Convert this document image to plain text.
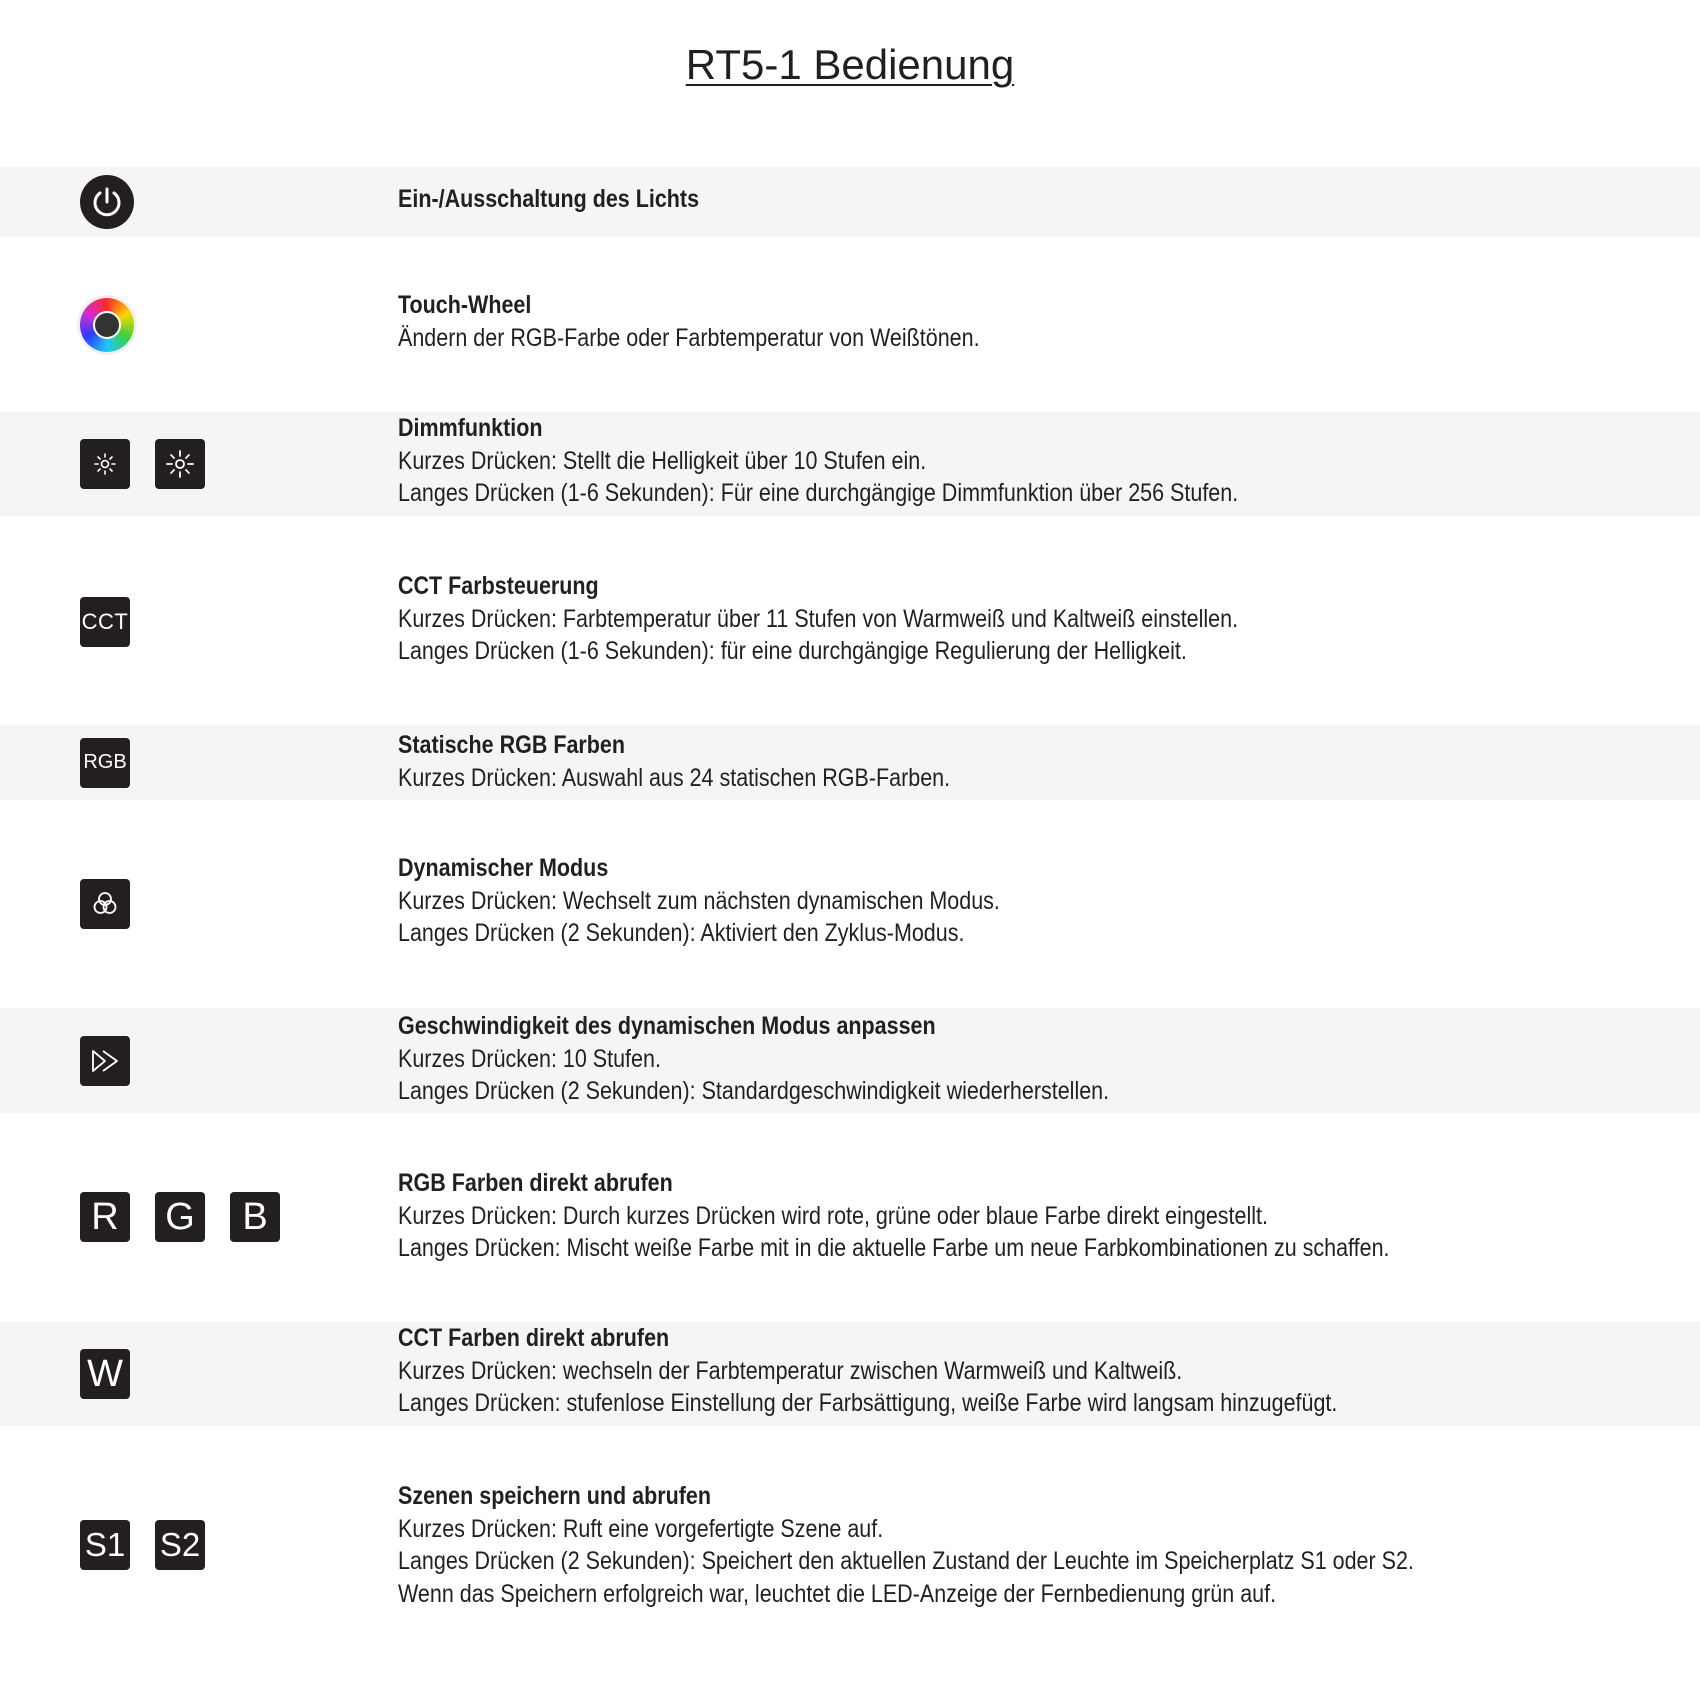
RT5-1 Bedienung
Ein-/Ausschaltung des Lichts
Touch-Wheel
Ändern der RGB-Farbe oder Farbtemperatur von Weißtönen.
Dimmfunktion
Kurzes Drücken: Stellt die Helligkeit über 10 Stufen ein.
Langes Drücken (1-6 Sekunden): Für eine durchgängige Dimmfunktion über 256 Stufen.
CCT
CCT Farbsteuerung
Kurzes Drücken: Farbtemperatur über 11 Stufen von Warmweiß und Kaltweiß einstellen.
Langes Drücken (1-6 Sekunden): für eine durchgängige Regulierung der Helligkeit.
RGB
Statische RGB Farben
Kurzes Drücken: Auswahl aus 24 statischen RGB-Farben.
Dynamischer Modus
Kurzes Drücken: Wechselt zum nächsten dynamischen Modus.
Langes Drücken (2 Sekunden): Aktiviert den Zyklus-Modus.
Geschwindigkeit des dynamischen Modus anpassen
Kurzes Drücken: 10 Stufen.
Langes Drücken (2 Sekunden): Standardgeschwindigkeit wiederherstellen.
R G	B
RGB Farben direkt abrufen
Kurzes Drücken: Durch kurzes Drücken wird rote, grüne oder blaue Farbe direkt eingestellt.
Langes Drücken: Mischt weiße Farbe mit in die aktuelle Farbe um neue Farbkombinationen zu schaffen.
W
CCT Farben direkt abrufen
Kurzes Drücken: wechseln der Farbtemperatur zwischen Warmweiß und Kaltweiß.
Langes Drücken: stufenlose Einstellung der Farbsättigung, weiße Farbe wird langsam hinzugefügt.
S1 S2
Szenen speichern und abrufen
Kurzes Drücken: Ruft eine vorgefertigte Szene auf.
Langes Drücken (2 Sekunden): Speichert den aktuellen Zustand der Leuchte im Speicherplatz S1 oder S2.
Wenn das Speichern erfolgreich war, leuchtet die LED-Anzeige der Fernbedienung grün auf.
